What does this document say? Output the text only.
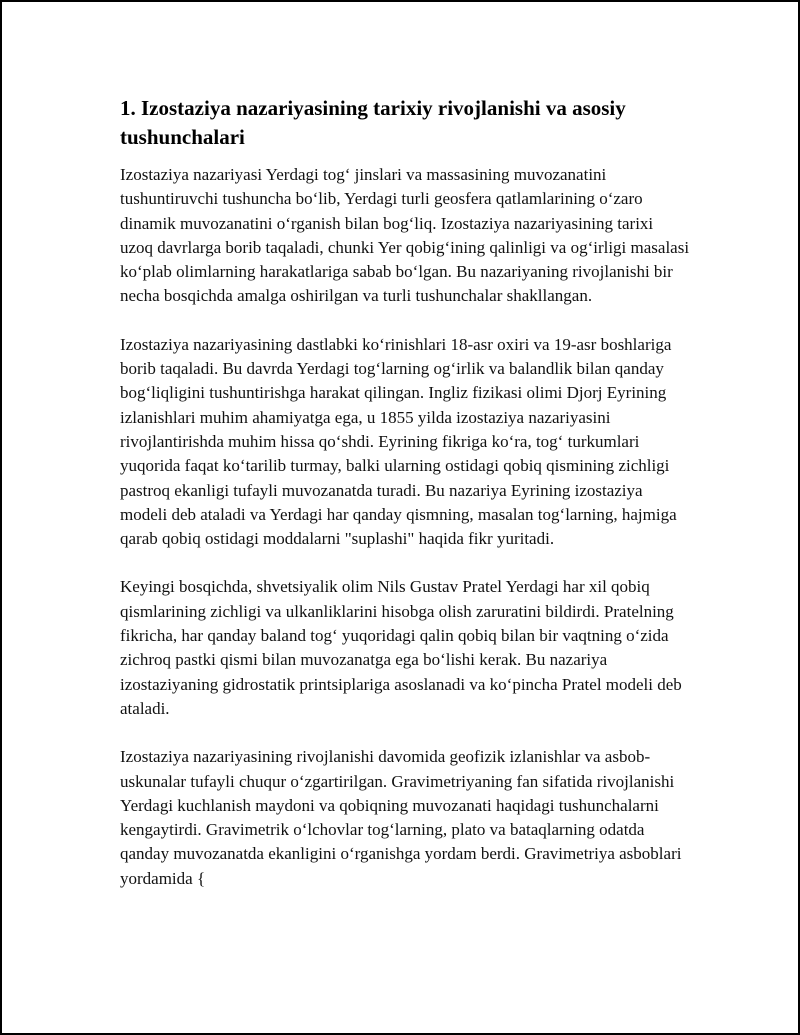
1. Izostaziya nazariyasining tarixiy rivojlanishi va asosiy tushunchalari

Izostaziya nazariyasi Yerdagi tog‘ jinslari va massasining muvozanatini tushuntiruvchi tushuncha bo‘lib, Yerdagi turli geosfera qatlamlarining o‘zaro dinamik muvozanatini o‘rganish bilan bog‘liq. Izostaziya nazariyasining tarixi uzoq davrlarga borib taqaladi, chunki Yer qobig‘ining qalinligi va og‘irligi masalasi ko‘plab olimlarning harakatlariga sabab bo‘lgan. Bu nazariyaning rivojlanishi bir necha bosqichda amalga oshirilgan va turli tushunchalar shakllangan.

Izostaziya nazariyasining dastlabki ko‘rinishlari 18-asr oxiri va 19-asr boshlariga borib taqaladi. Bu davrda Yerdagi tog‘larning og‘irlik va balandlik bilan qanday bog‘liqligini tushuntirishga harakat qilingan. Ingliz fizikasi olimi Djorj Eyrining izlanishlari muhim ahamiyatga ega, u 1855 yilda izostaziya nazariyasini rivojlantirishda muhim hissa qo‘shdi. Eyrining fikriga ko‘ra, tog‘ turkumlari yuqorida faqat ko‘tarilib turmay, balki ularning ostidagi qobiq qismining zichligi pastroq ekanligi tufayli muvozanatda turadi. Bu nazariya Eyrining izostaziya modeli deb ataladi va Yerdagi har qanday qismning, masalan tog‘larning, hajmiga qarab qobiq ostidagi moddalarni "suplashi" haqida fikr yuritadi.

Keyingi bosqichda, shvetsiyalik olim Nils Gustav Pratel Yerdagi har xil qobiq qismlarining zichligi va ulkanliklarini hisobga olish zaruratini bildirdi. Pratelning fikricha, har qanday baland tog‘ yuqoridagi qalin qobiq bilan bir vaqtning o‘zida zichroq pastki qismi bilan muvozanatga ega bo‘lishi kerak. Bu nazariya izostaziyaning gidrostatik printsiplariga asoslanadi va ko‘pincha Pratel modeli deb ataladi.

Izostaziya nazariyasining rivojlanishi davomida geofizik izlanishlar va asbob-uskunalar tufayli chuqur o‘zgartirilgan. Gravimetriyaning fan sifatida rivojlanishi Yerdagi kuchlanish maydoni va qobiqning muvozanati haqidagi tushunchalarni kengaytirdi. Gravimetrik o‘lchovlar tog‘larning, plato va bataqlarning odatda qanday muvozanatda ekanligini o‘rganishga yordam berdi. Gravimetriya asboblari yordamida {
